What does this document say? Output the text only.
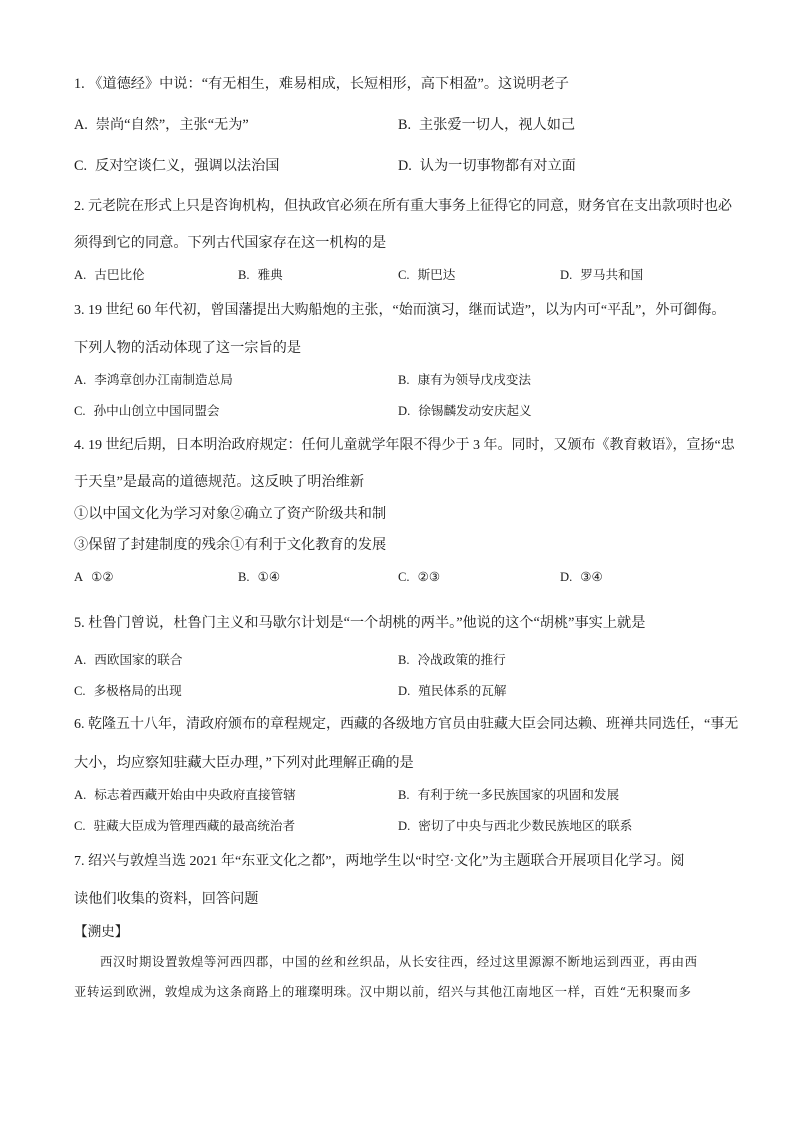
1. 《道德经》中说：“有无相生，难易相成，长短相形，高下相盈”。这说明老子
A. 崇尚“自然”，主张“无为”	B. 主张爱一切人，视人如己
C. 反对空谈仁义，强调以法治国	D. 认为一切事物都有对立面
2. 元老院在形式上只是咨询机构，但执政官必须在所有重大事务上征得它的同意，财务官在支出款项时也必
须得到它的同意。下列古代国家存在这一机构的是
A. 古巴比伦	B. 雅典	C. 斯巴达	D. 罗马共和国
3. 19 世纪 60 年代初，曾国藩提出大购船炮的主张，“始而演习，继而试造”，以为内可“平乱”，外可御侮。
下列人物的活动体现了这一宗旨的是
A. 李鸿章创办江南制造总局	B. 康有为领导戊戌变法
C. 孙中山创立中国同盟会	D. 徐锡麟发动安庆起义
4. 19 世纪后期，日本明治政府规定：任何儿童就学年限不得少于 3 年。同时，又颁布《教育敕语》，宣扬“忠
于天皇”是最高的道德规范。这反映了明治维新
①以中国文化为学习对象②确立了资产阶级共和制
③保留了封建制度的残余①有利于文化教育的发展
A ①②	B. ①④	C. ②③	D. ③④
5. 杜鲁门曾说，杜鲁门主义和马歇尔计划是“一个胡桃的两半。”他说的这个“胡桃”事实上就是
A. 西欧国家的联合	B. 冷战政策的推行
C. 多极格局的出现	D. 殖民体系的瓦解
6. 乾隆五十八年，清政府颁布的章程规定，西藏的各级地方官员由驻藏大臣会同达赖、班禅共同选任，“事无
大小，均应察知驻藏大臣办理，”下列对此理解正确的是
A. 标志着西藏开始由中央政府直接管辖	B. 有利于统一多民族国家的巩固和发展
C. 驻藏大臣成为管理西藏的最高统治者	D. 密切了中央与西北少数民族地区的联系
7. 绍兴与敦煌当选 2021 年“东亚文化之都”，两地学生以“时空·文化”为主题联合开展项目化学习。阅
读他们收集的资料，回答问题
【溯史】

西汉时期设置敦煌等河西四郡，中国的丝和丝织品，从长安往西，经过这里源源不断地运到西亚，再由西

亚转运到欧洲，敦煌成为这条商路上的璀璨明珠。汉中期以前，绍兴与其他江南地区一样，百姓“无积聚而多
